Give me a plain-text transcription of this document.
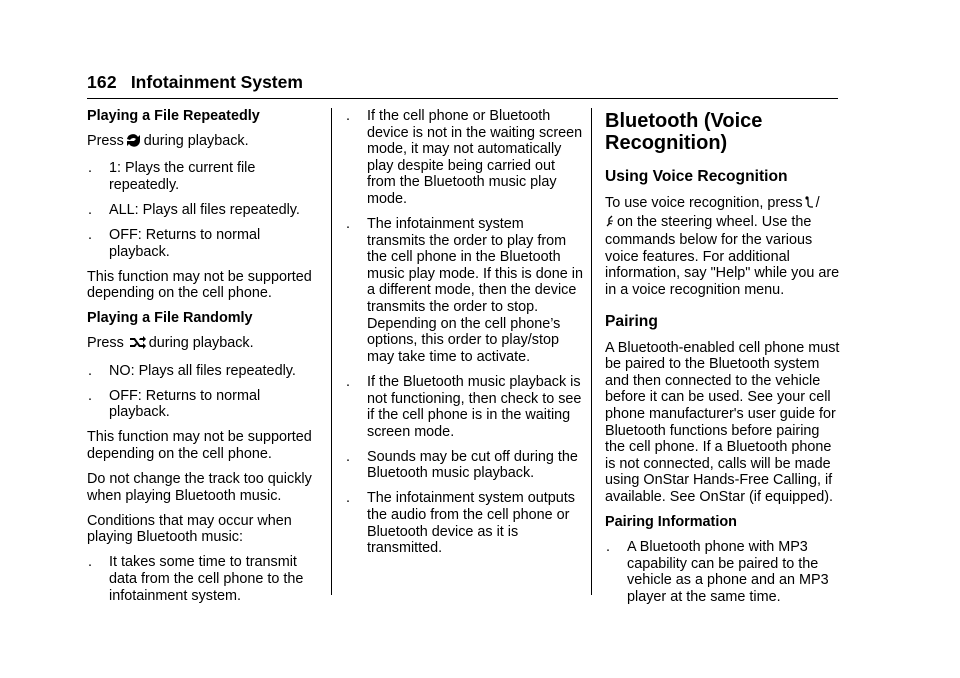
162 Infotainment System

Playing a File Repeatedly

Press during playback.

.	1: Plays the current file repeatedly.
.	ALL: Plays all files repeatedly.
.	OFF: Returns to normal playback.

This function may not be supported depending on the cell phone.

Playing a File Randomly

Press during playback.

.	NO: Plays all files repeatedly.
.	OFF: Returns to normal playback.

This function may not be supported depending on the cell phone.

Do not change the track too quickly when playing Bluetooth music.

Conditions that may occur when playing Bluetooth music:

.	It takes some time to transmit data from the cell phone to the infotainment system.
.	If the cell phone or Bluetooth device is not in the waiting screen mode, it may not automatically play despite being carried out from the Bluetooth music play mode.
.	The infotainment system transmits the order to play from the cell phone in the Bluetooth music play mode. If this is done in a different mode, then the device transmits the order to stop. Depending on the cell phone’s options, this order to play/stop may take time to activate.
.	If the Bluetooth music playback is not functioning, then check to see if the cell phone is in the waiting screen mode.
.	Sounds may be cut off during the Bluetooth music playback.
.	The infotainment system outputs the audio from the cell phone or Bluetooth device as it is transmitted.
Bluetooth (Voice Recognition)
Using Voice Recognition

To use voice recognition, press /
on the steering wheel. Use the commands below for the various voice features. For additional information, say "Help" while you are in a voice recognition menu.

Pairing

A Bluetooth-enabled cell phone must be paired to the Bluetooth system and then connected to the vehicle before it can be used. See your cell phone manufacturer's user guide for Bluetooth functions before pairing the cell phone. If a Bluetooth phone is not connected, calls will be made using OnStar Hands-Free Calling, if available. See OnStar (if equipped).

Pairing Information

.	A Bluetooth phone with MP3 capability can be paired to the vehicle as a phone and an MP3 player at the same time.
